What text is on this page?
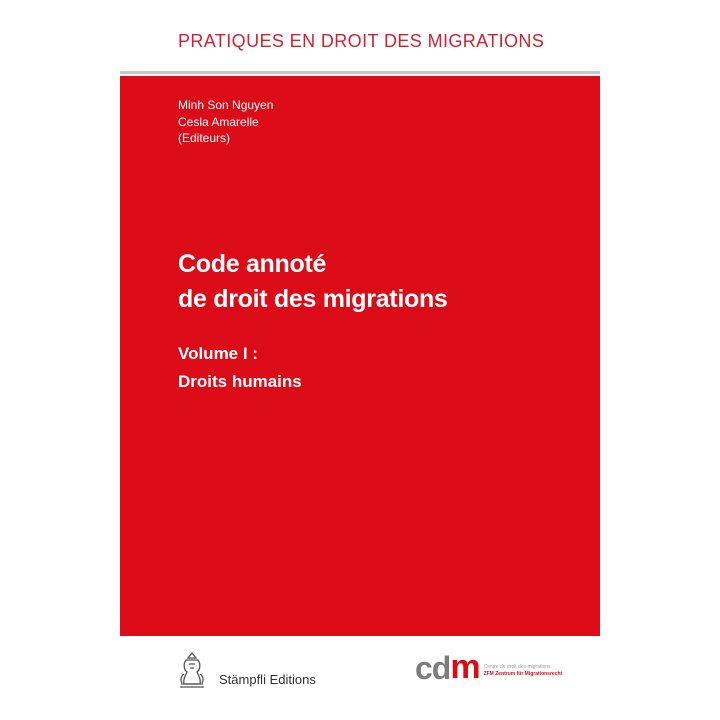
PRATIQUES EN DROIT DES MIGRATIONS
Minh Son Nguyen
Cesla Amarelle
(Editeurs)
Code annoté
de droit des migrations
Volume I :
Droits humains
Stämpfli Editions	cd m Centre de droit des migrations
ZFM Zentrum für Migrationsrecht
